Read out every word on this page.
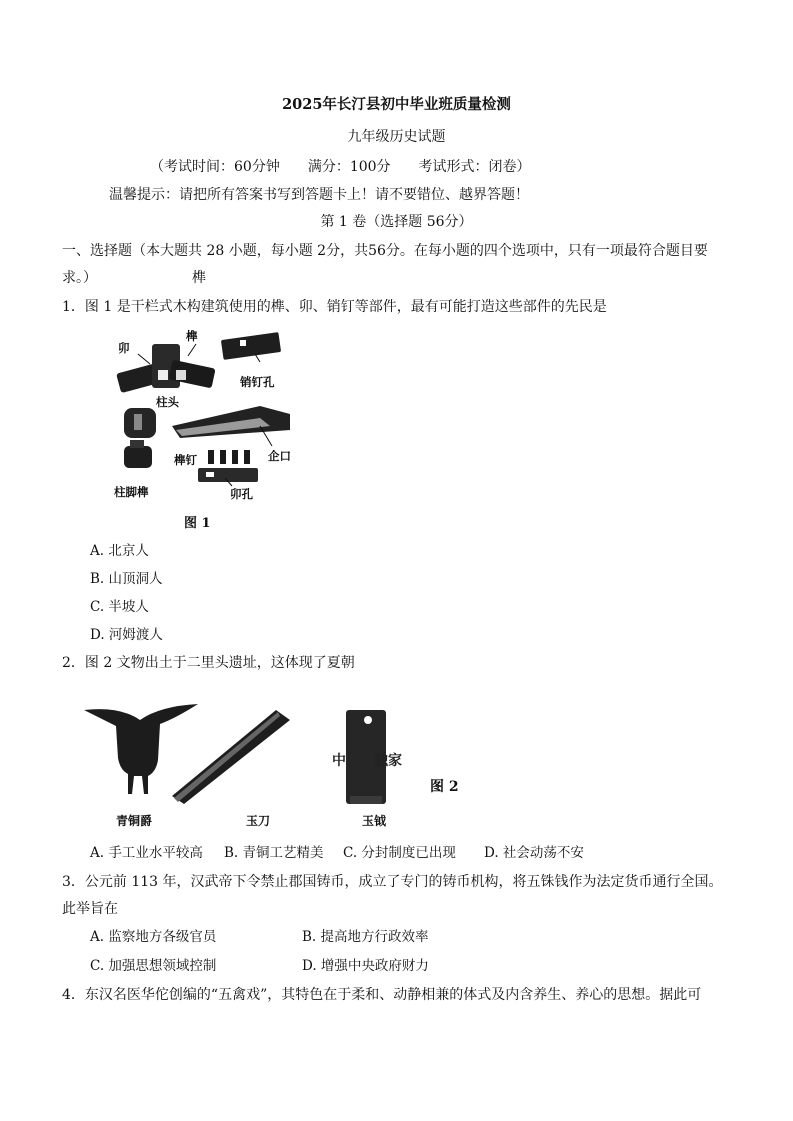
2025年长汀县初中毕业班质量检测
九年级历史试题
（考试时间：60分钟　　满分：100分　　考试形式：闭卷）
温馨提示：请把所有答案书写到答题卡上！请不要错位、越界答题！
第 1 卷（选择题 56分）
一、选择题（本大题共 28 小题，每小题 2分，共56分。在每小题的四个选项中，只有一项最符合题目要
求。）	榫
1．图 1 是干栏式木构建筑使用的榫、卯、销钉等部件，最有可能打造这些部件的先民是
卯
榫
销钉孔
柱头
榫钉	企口
柱脚榫	卯孔
图 1
A. 北京人
B. 山顶洞人
C. 半坡人
D. 河姆渡人
2．图 2 文物出土于二里头遗址，这体现了夏朝
中　　独家
图 2
青铜爵	玉刀	玉钺
A. 手工业水平较高 B. 青铜工艺精美 C. 分封制度已出现 D. 社会动荡不安
3．公元前 113 年，汉武帝下令禁止郡国铸币，成立了专门的铸币机构，将五铢钱作为法定货币通行全国。
此举旨在
A. 监察地方各级官员	B. 提高地方行政效率
C. 加强思想领域控制	D. 增强中央政府财力
4．东汉名医华佗创编的“五禽戏”，其特色在于柔和、动静相兼的体式及内含养生、养心的思想。据此可
